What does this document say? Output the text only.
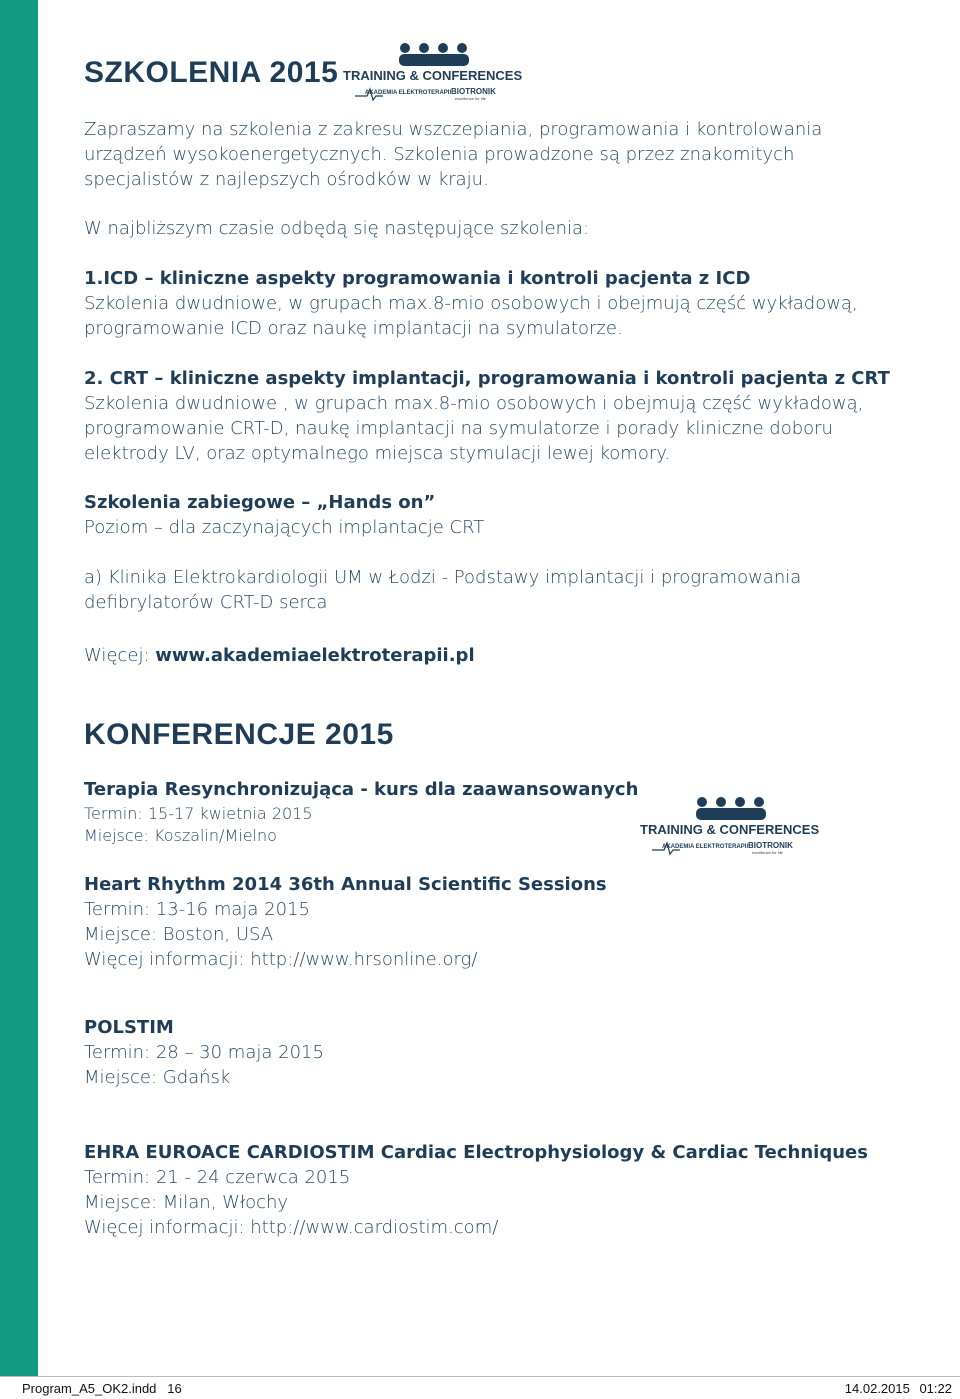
SZKOLENIA 2015 TRAINING & CONFERENCES
AKADEMIA ELEKTROTERAPII BIOTRONIK
excellence for life
Zapraszamy na szkolenia z zakresu wszczepiania, programowania i kontrolowania
urządzeń wysokoenergetycznych. Szkolenia prowadzone są przez znakomitych
specjalistów z najlepszych ośrodków w kraju.
W najbliższym czasie odbędą się następujące szkolenia:
1.ICD – kliniczne aspekty programowania i kontroli pacjenta z ICD
Szkolenia dwudniowe, w grupach max.8-mio osobowych i obejmują część wykładową,
programowanie ICD oraz naukę implantacji na symulatorze.
2. CRT – kliniczne aspekty implantacji, programowania i kontroli pacjenta z CRT
Szkolenia dwudniowe , w grupach max.8-mio osobowych i obejmują część wykładową,
programowanie CRT-D, naukę implantacji na symulatorze i porady kliniczne doboru
elektrody LV, oraz optymalnego miejsca stymulacji lewej komory.
Szkolenia zabiegowe – „Hands on”
Poziom – dla zaczynających implantacje CRT
a) Klinika Elektrokardiologii UM w Łodzi - Podstawy implantacji i programowania
defibrylatorów CRT-D serca
Więcej: www.akademiaelektroterapii.pl
KONFERENCJE 2015
Terapia Resynchronizująca - kurs dla zaawansowanych
Termin: 15-17 kwietnia 2015
Miejsce: Koszalin/Mielno	TRAINING & CONFERENCES
AKADEMIA ELEKTROTERAPII BIOTRONIK
excellence for life
Heart Rhythm 2014 36th Annual Scientific Sessions
Termin: 13-16 maja 2015
Miejsce: Boston, USA
Więcej informacji: http://www.hrsonline.org/
POLSTIM
Termin: 28 – 30 maja 2015
Miejsce: Gdańsk
EHRA EUROACE CARDIOSTIM Cardiac Electrophysiology & Cardiac Techniques
Termin: 21 - 24 czerwca 2015
Miejsce: Milan, Włochy
Więcej informacji: http://www.cardiostim.com/
Program_A5_OK2.indd   16	14.02.2015 01:22
